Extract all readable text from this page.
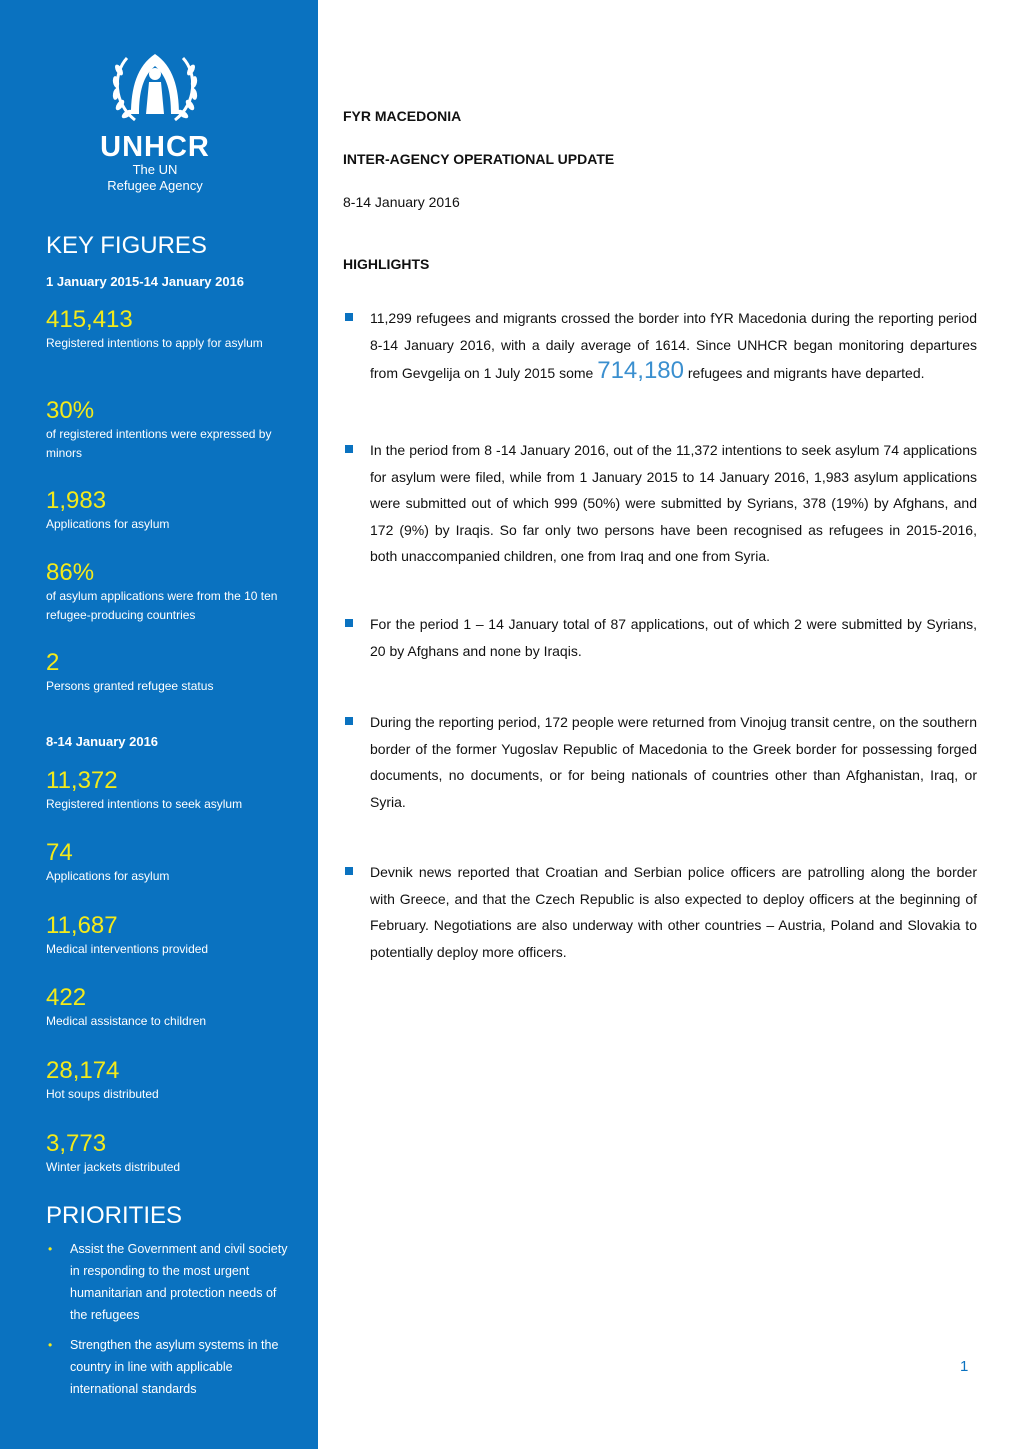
UNHCR
The UN
Refugee Agency
KEY FIGURES
1 January 2015-14 January 2016
415,413
Registered intentions to apply for asylum
30%
of registered intentions were expressed by minors
1,983
Applications for asylum
86%
of asylum applications were from the 10 ten refugee-producing countries
2
Persons granted refugee status
8-14 January 2016
11,372
Registered intentions to seek asylum
74
Applications for asylum
11,687
Medical interventions provided
422
Medical assistance to children
28,174
Hot soups distributed
3,773
Winter jackets distributed
PRIORITIES
• Assist the Government and civil society in responding to the most urgent humanitarian and protection needs of the refugees
• Strengthen the asylum systems in the country in line with applicable international standards
FYR MACEDONIA
INTER-AGENCY OPERATIONAL UPDATE
8-14 January 2016
HIGHLIGHTS
11,299 refugees and migrants crossed the border into fYR Macedonia during the reporting period 8-14 January 2016, with a daily average of 1614. Since UNHCR began monitoring departures from Gevgelija on 1 July 2015 some 714,180 refugees and migrants have departed.
In the period from 8 -14 January 2016, out of the 11,372 intentions to seek asylum 74 applications for asylum were filed, while from 1 January 2015 to 14 January 2016, 1,983 asylum applications were submitted out of which 999 (50%) were submitted by Syrians, 378 (19%) by Afghans, and 172 (9%) by Iraqis. So far only two persons have been recognised as refugees in 2015-2016, both unaccompanied children, one from Iraq and one from Syria.
For the period 1 – 14 January total of 87 applications, out of which 2 were submitted by Syrians, 20 by Afghans and none by Iraqis.
During the reporting period, 172 people were returned from Vinojug transit centre, on the southern border of the former Yugoslav Republic of Macedonia to the Greek border for possessing forged documents, no documents, or for being nationals of countries other than Afghanistan, Iraq, or Syria.
Devnik news reported that Croatian and Serbian police officers are patrolling along the border with Greece, and that the Czech Republic is also expected to deploy officers at the beginning of February. Negotiations are also underway with other countries – Austria, Poland and Slovakia to potentially deploy more officers.
1
